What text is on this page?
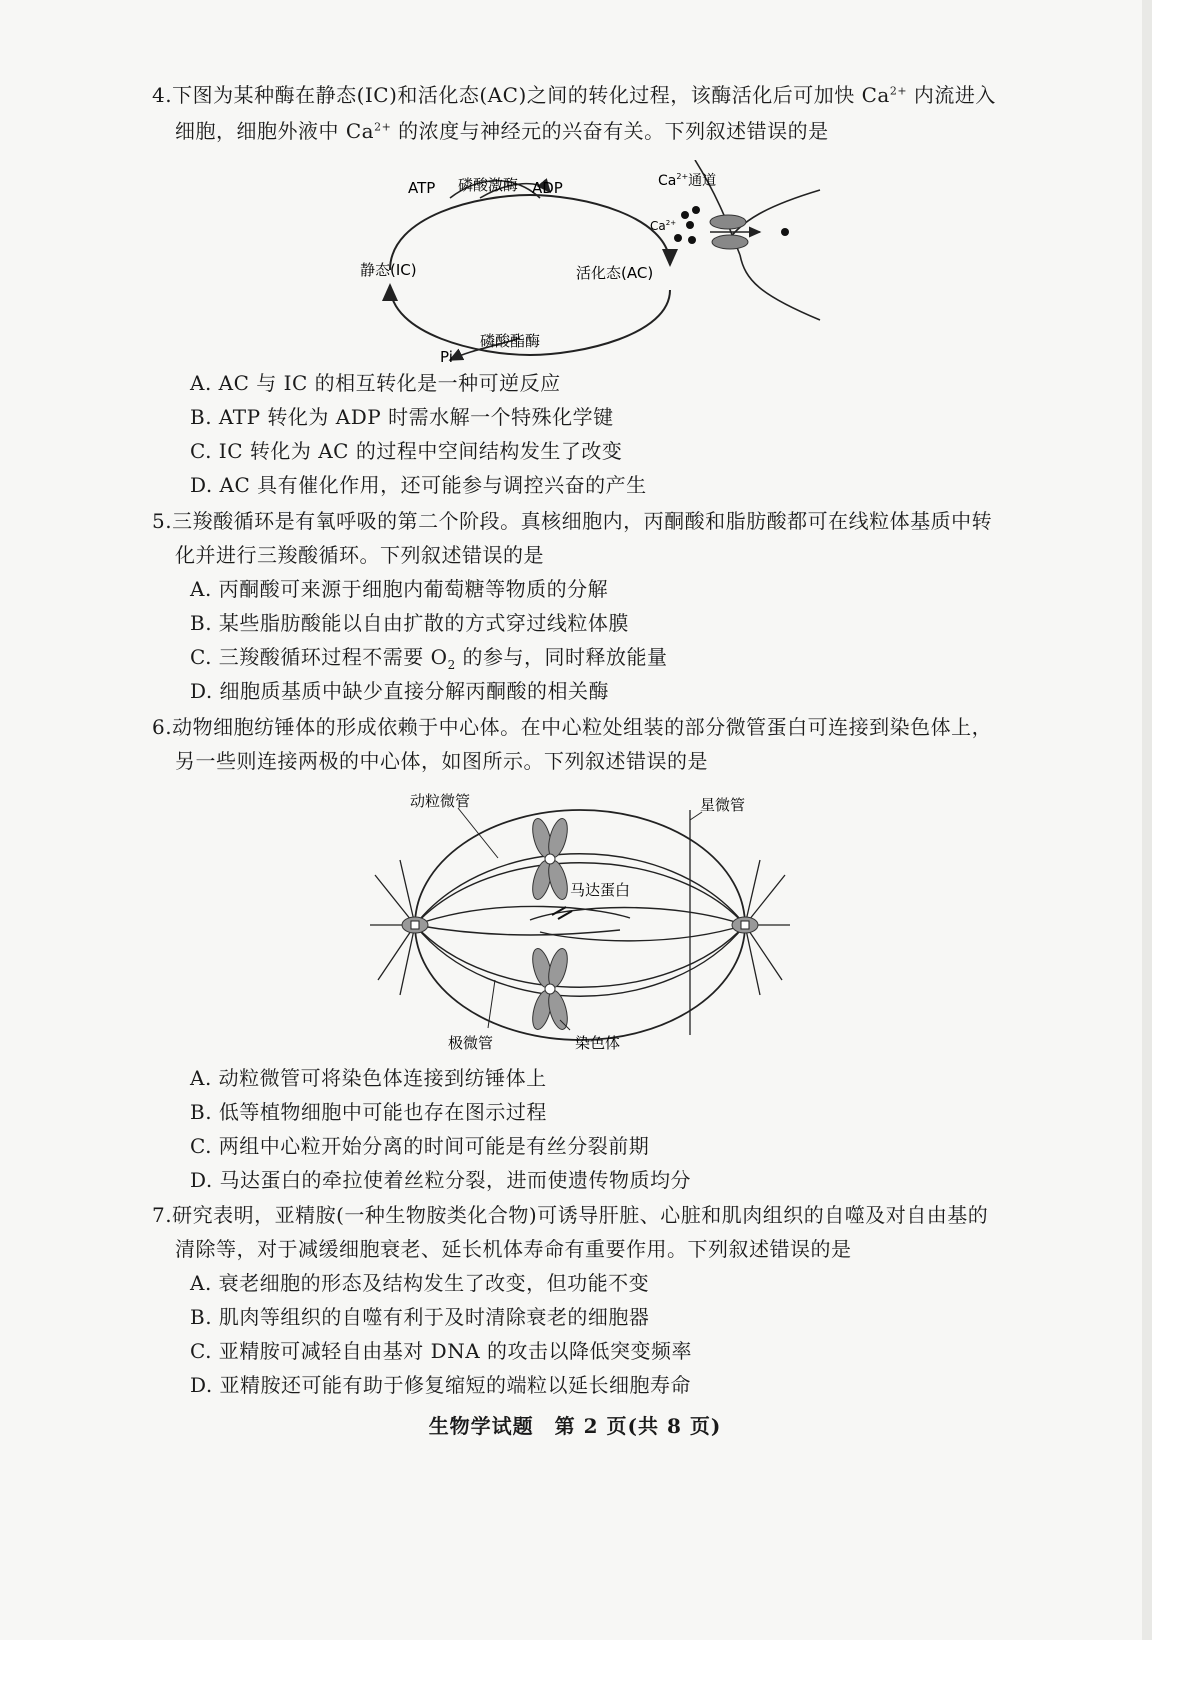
4.下图为某种酶在静态(IC)和活化态(AC)之间的转化过程，该酶活化后可加快 $Ca^{2+}$ 内流进入
细胞，细胞外液中 $Ca^{2+}$ 的浓度与神经元的兴奋有关。下列叙述错误的是
ATP 磷酸激酶 ADP
静态(IC)	活化态(AC)
Pi
磷酸酯酶
$Ca^{2+}$通道
$Ca^{2+}$
A. AC 与 IC 的相互转化是一种可逆反应
B. ATP 转化为 ADP 时需水解一个特殊化学键
C. IC 转化为 AC 的过程中空间结构发生了改变
D. AC 具有催化作用，还可能参与调控兴奋的产生
5.三羧酸循环是有氧呼吸的第二个阶段。真核细胞内，丙酮酸和脂肪酸都可在线粒体基质中转
化并进行三羧酸循环。下列叙述错误的是
A. 丙酮酸可来源于细胞内葡萄糖等物质的分解
B. 某些脂肪酸能以自由扩散的方式穿过线粒体膜
C. 三羧酸循环过程不需要 $O_2$ 的参与，同时释放能量
D. 细胞质基质中缺少直接分解丙酮酸的相关酶
6.动物细胞纺锤体的形成依赖于中心体。在中心粒处组装的部分微管蛋白可连接到染色体上，
另一些则连接两极的中心体，如图所示。下列叙述错误的是
动粒微管	星微管
马达蛋白
极微管	染色体
A. 动粒微管可将染色体连接到纺锤体上
B. 低等植物细胞中可能也存在图示过程
C. 两组中心粒开始分离的时间可能是有丝分裂前期
D. 马达蛋白的牵拉使着丝粒分裂，进而使遗传物质均分
7.研究表明，亚精胺(一种生物胺类化合物)可诱导肝脏、心脏和肌肉组织的自噬及对自由基的
清除等，对于减缓细胞衰老、延长机体寿命有重要作用。下列叙述错误的是
A. 衰老细胞的形态及结构发生了改变，但功能不变
B. 肌肉等组织的自噬有利于及时清除衰老的细胞器
C. 亚精胺可减轻自由基对 DNA 的攻击以降低突变频率
D. 亚精胺还可能有助于修复缩短的端粒以延长细胞寿命
生物学试题　第 2 页(共 8 页)
